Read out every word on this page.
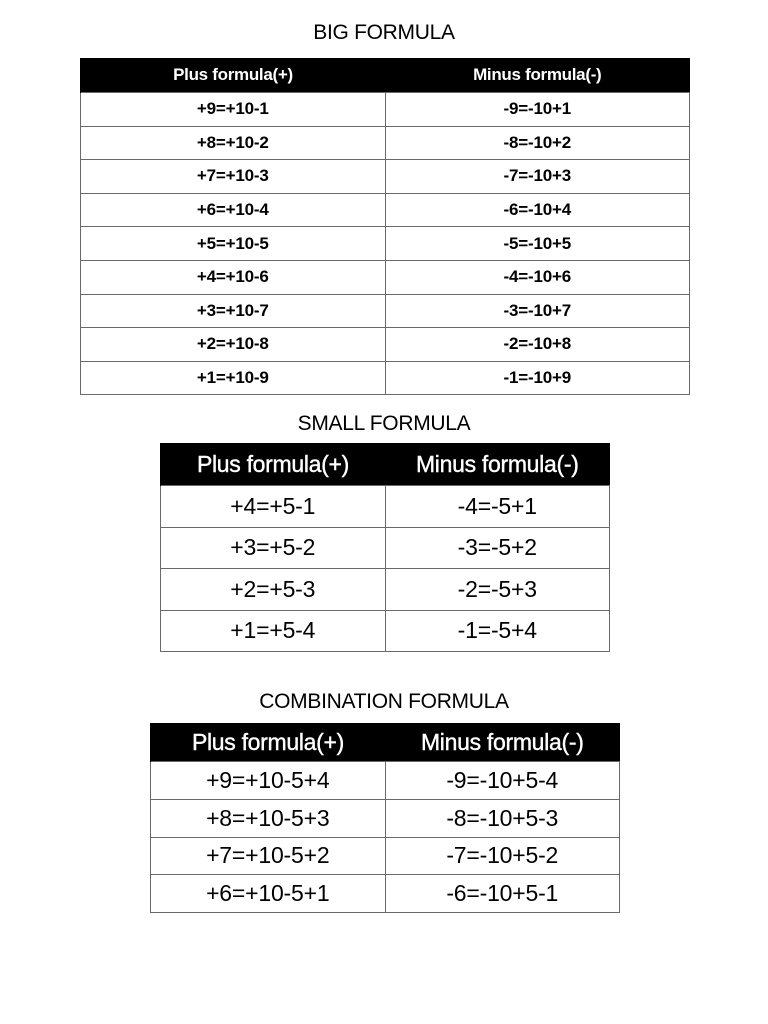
BIG FORMULA
Plus formula(+)	Minus formula(-)
+9=+10-1	-9=-10+1
+8=+10-2	-8=-10+2
+7=+10-3	-7=-10+3
+6=+10-4	-6=-10+4
+5=+10-5	-5=-10+5
+4=+10-6	-4=-10+6
+3=+10-7	-3=-10+7
+2=+10-8	-2=-10+8
+1=+10-9	-1=-10+9
SMALL FORMULA
Plus formula(+)	Minus formula(-)
+4=+5-1	-4=-5+1
+3=+5-2	-3=-5+2
+2=+5-3	-2=-5+3
+1=+5-4	-1=-5+4
COMBINATION FORMULA
Plus formula(+)	Minus formula(-)
+9=+10-5+4	-9=-10+5-4
+8=+10-5+3	-8=-10+5-3
+7=+10-5+2	-7=-10+5-2
+6=+10-5+1	-6=-10+5-1
